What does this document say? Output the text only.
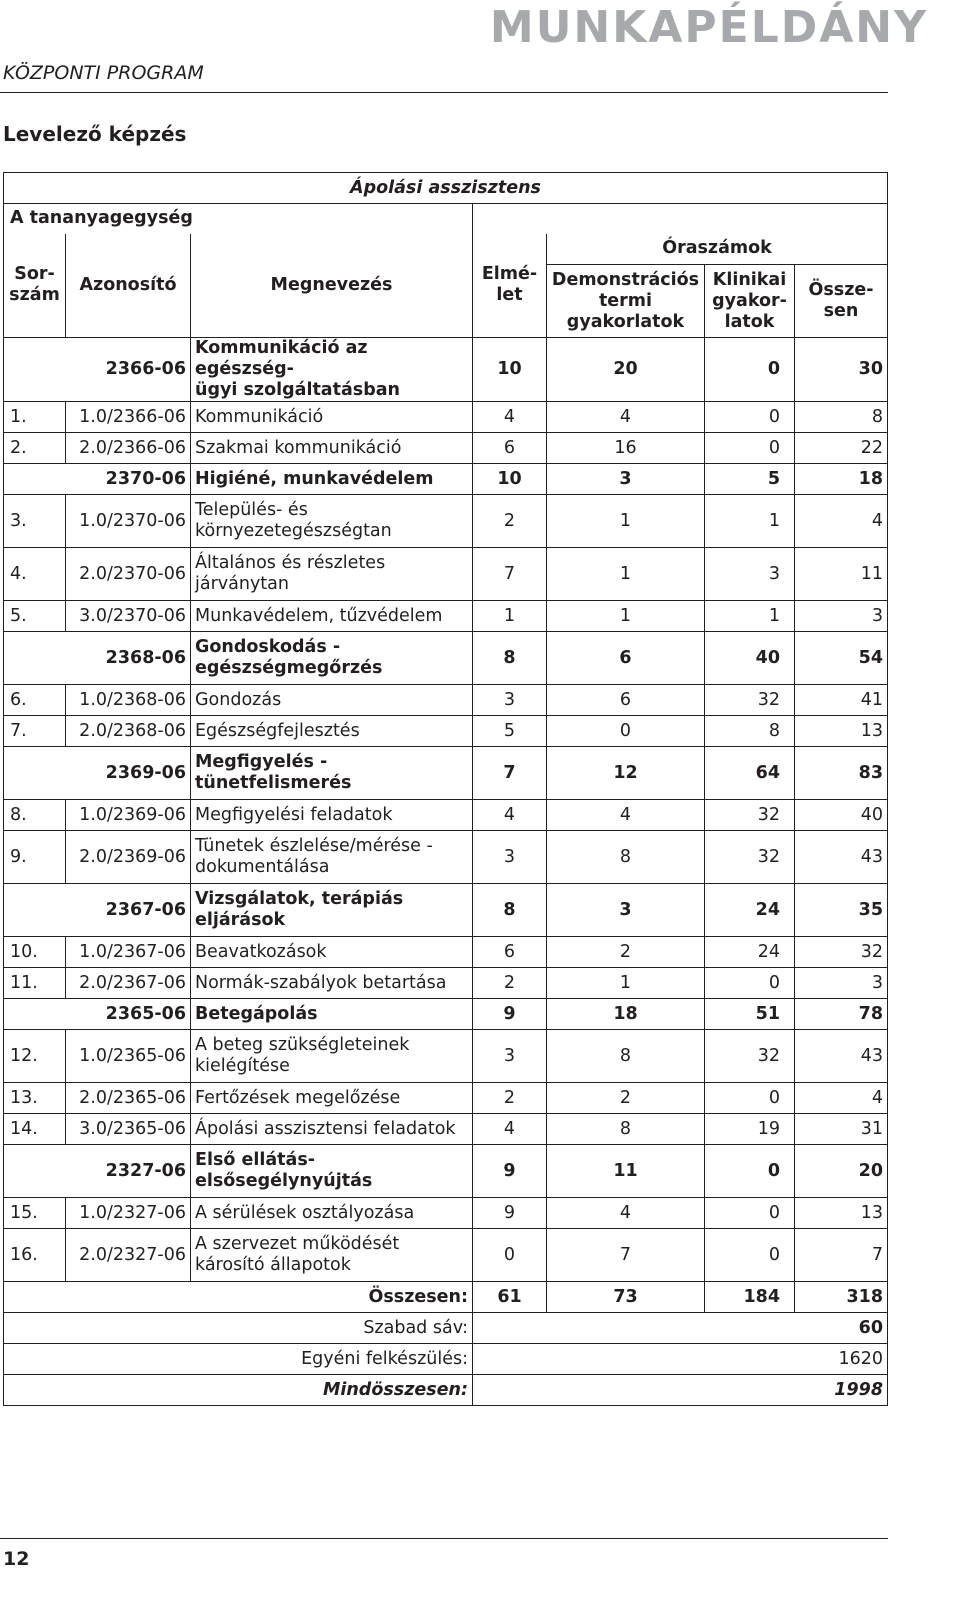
MUNKAPÉLDÁNY
KÖZPONTI PROGRAM
Levelező képzés
Ápolási asszisztens						
A tananyagegység						
Sor-
szám	Azonosító	Megnevezés	Elmé-
let	Óraszámok		
				Demonstrációs
termi
gyakorlatok	Klinikai
gyakor-
latok	Össze-
sen
2366-06		Kommunikáció az egészség-
ügyi szolgáltatásban	10	20	0	30
1.	1.0/2366-06	Kommunikáció	4	4	0	8
2.	2.0/2366-06	Szakmai kommunikáció	6	16	0	22
2370-06		Higiéné, munkavédelem	10	3	5	18
3.	1.0/2370-06	Település- és
környezetegészségtan	2	1	1	4
4.	2.0/2370-06	Általános és részletes
járványtan	7	1	3	11
5.	3.0/2370-06	Munkavédelem, tűzvédelem	1	1	1	3
2368-06		Gondoskodás -
egészségmegőrzés	8	6	40	54
6.	1.0/2368-06	Gondozás	3	6	32	41
7.	2.0/2368-06	Egészségfejlesztés	5	0	8	13
2369-06		Megfigyelés -
tünetfelismerés	7	12	64	83
8.	1.0/2369-06	Megfigyelési feladatok	4	4	32	40
9.	2.0/2369-06	Tünetek észlelése/mérése -
dokumentálása	3	8	32	43
2367-06		Vizsgálatok, terápiás
eljárások	8	3	24	35
10.	1.0/2367-06	Beavatkozások	6	2	24	32
11.	2.0/2367-06	Normák-szabályok betartása	2	1	0	3
2365-06		Betegápolás	9	18	51	78
12.	1.0/2365-06	A beteg szükségleteinek
kielégítése	3	8	32	43
13.	2.0/2365-06	Fertőzések megelőzése	2	2	0	4
14.	3.0/2365-06	Ápolási asszisztensi feladatok	4	8	19	31
2327-06		Első ellátás-
elsősegélynyújtás	9	11	0	20
15.	1.0/2327-06	A sérülések osztályozása	9	4	0	13
16.	2.0/2327-06	A szervezet működését
károsító állapotok	0	7	0	7
Összesen:			61	73	184	318
Szabad sáv:			60			
Egyéni felkészülés:			1620			
Mindösszesen:			1998			
12
